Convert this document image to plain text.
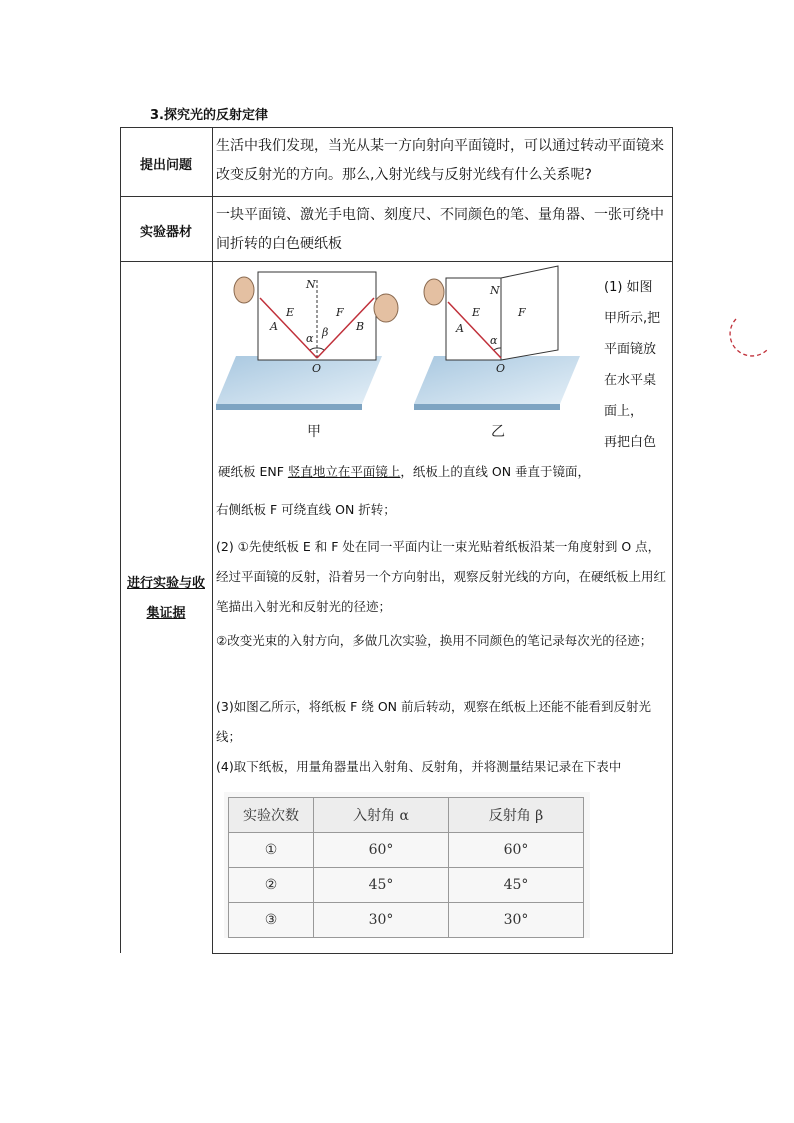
3.探究光的反射定律
提出问题
生活中我们发现，当光从某一方向射向平面镜时，可以通过转动平面镜来
改变反射光的方向。那么,入射光线与反射光线有什么关系呢?
实验器材
一块平面镜、激光手电筒、刻度尺、不同颜色的笔、量角器、一张可绕中
间折转的白色硬纸板
进行实验与收
集证据
N
E	F
A	B
α β
O
甲
N
E	F
A
α
O
乙
(1) 如图
甲所示,把
平面镜放
在水平桌
面上，
再把白色
硬纸板 ENF 竖直地立在平面镜上，纸板上的直线 ON 垂直于镜面，
右侧纸板 F 可绕直线 ON 折转；
(2) ①先使纸板 E 和 F 处在同一平面内让一束光贴着纸板沿某一角度射到 O 点，经过平面镜的反射，沿着另一个方向射出，观察反射光线的方向，在硬纸板上用红笔描出入射光和反射光的径迹；
②改变光束的入射方向，多做几次实验，换用不同颜色的笔记录每次光的径迹；
(3)如图乙所示，将纸板 F 绕 ON 前后转动，观察在纸板上还能不能看到反射光线；
(4)取下纸板，用量角器量出入射角、反射角，并将测量结果记录在下表中
实验次数	入射角 α	反射角 β
①	60°	60°
②	45°	45°
③	30°	30°
